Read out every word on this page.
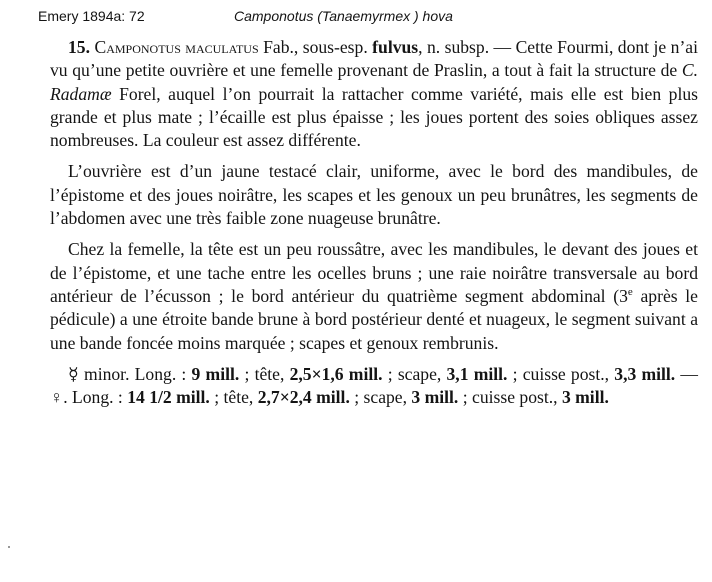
Emery 1894a: 72	Camponotus (Tanaemyrmex ) hova

15. Camponotus maculatus Fab., sous-esp. fulvus, n. subsp. — Cette Fourmi, dont je n’ai vu qu’une petite ouvrière et une femelle provenant de Praslin, a tout à fait la structure de C. Radamæ Forel, auquel l’on pourrait la rattacher comme variété, mais elle est bien plus grande et plus mate ; l’écaille est plus épaisse ; les joues portent des soies obliques assez nombreuses. La couleur est assez différente.

L’ouvrière est d’un jaune testacé clair, uniforme, avec le bord des mandibules, de l’épistome et des joues noirâtre, les scapes et les genoux un peu brunâtres, les segments de l’abdomen avec une très faible zone nuageuse brunâtre.

Chez la femelle, la tête est un peu roussâtre, avec les mandibules, le devant des joues et de l’épistome, et une tache entre les ocelles bruns ; une raie noirâtre transversale au bord antérieur de l’écusson ; le bord antérieur du quatrième segment abdominal (3e après le pédicule) a une étroite bande brune à bord postérieur denté et nuageux, le segment suivant a une bande foncée moins marquée ; scapes et genoux rembrunis.

☿ minor. Long. : 9 mill. ; tête, 2,5×1,6 mill. ; scape, 3,1 mill. ; cuisse post., 3,3 mill. — ♀. Long. : 14 1/2 mill. ; tête, 2,7×2,4 mill. ; scape, 3 mill. ; cuisse post., 3 mill.
